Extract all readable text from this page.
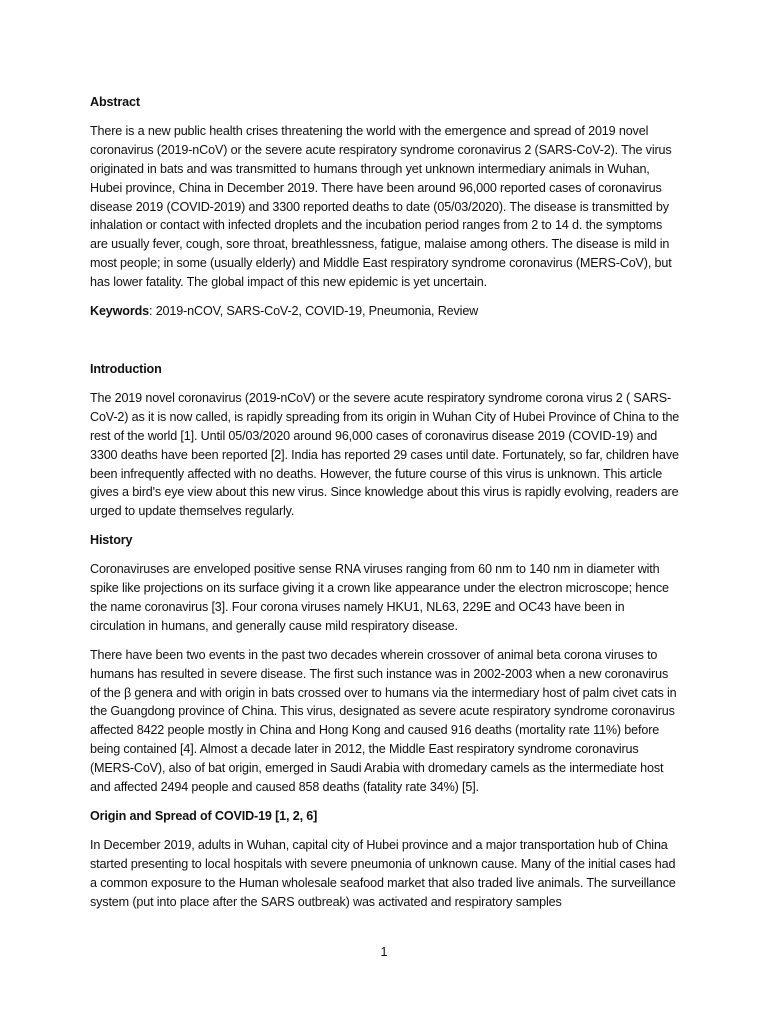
Abstract

There is a new public health crises threatening the world with the emergence and spread of 2019 novel coronavirus (2019-nCoV) or the severe acute respiratory syndrome coronavirus 2 (SARS-CoV-2). The virus originated in bats and was transmitted to humans through yet unknown intermediary animals in Wuhan, Hubei province, China in December 2019. There have been around 96,000 reported cases of coronavirus disease 2019 (COVID-2019) and 3300 reported deaths to date (05/03/2020). The disease is transmitted by inhalation or contact with infected droplets and the incubation period ranges from 2 to 14 d. the symptoms are usually fever, cough, sore throat, breathlessness, fatigue, malaise among others. The disease is mild in most people; in some (usually elderly) and Middle East respiratory syndrome coronavirus (MERS-CoV), but has lower fatality. The global impact of this new epidemic is yet uncertain.

Keywords: 2019-nCOV, SARS-CoV-2, COVID-19, Pneumonia, Review

Introduction

The 2019 novel coronavirus (2019-nCoV) or the severe acute respiratory syndrome corona virus 2 ( SARS-CoV-2) as it is now called, is rapidly spreading from its origin in Wuhan City of Hubei Province of China to the rest of the world [1]. Until 05/03/2020 around 96,000 cases of coronavirus disease 2019 (COVID-19) and 3300 deaths have been reported [2]. India has reported 29 cases until date. Fortunately, so far, children have been infrequently affected with no deaths. However, the future course of this virus is unknown. This article gives a bird's eye view about this new virus. Since knowledge about this virus is rapidly evolving, readers are urged to update themselves regularly.

History

Coronaviruses are enveloped positive sense RNA viruses ranging from 60 nm to 140 nm in diameter with spike like projections on its surface giving it a crown like appearance under the electron microscope; hence the name coronavirus [3]. Four corona viruses namely HKU1, NL63, 229E and OC43 have been in circulation in humans, and generally cause mild respiratory disease.

There have been two events in the past two decades wherein crossover of animal beta corona viruses to humans has resulted in severe disease. The first such instance was in 2002-2003 when a new coronavirus of the β genera and with origin in bats crossed over to humans via the intermediary host of palm civet cats in the Guangdong province of China. This virus, designated as severe acute respiratory syndrome coronavirus affected 8422 people mostly in China and Hong Kong and caused 916 deaths (mortality rate 11%) before being contained [4]. Almost a decade later in 2012, the Middle East respiratory syndrome coronavirus (MERS-CoV), also of bat origin, emerged in Saudi Arabia with dromedary camels as the intermediate host and affected 2494 people and caused 858 deaths (fatality rate 34%) [5].

Origin and Spread of COVID-19 [1, 2, 6]

In December 2019, adults in Wuhan, capital city of Hubei province and a major transportation hub of China started presenting to local hospitals with severe pneumonia of unknown cause. Many of the initial cases had a common exposure to the Human wholesale seafood market that also traded live animals. The surveillance system (put into place after the SARS outbreak) was activated and respiratory samples

1
